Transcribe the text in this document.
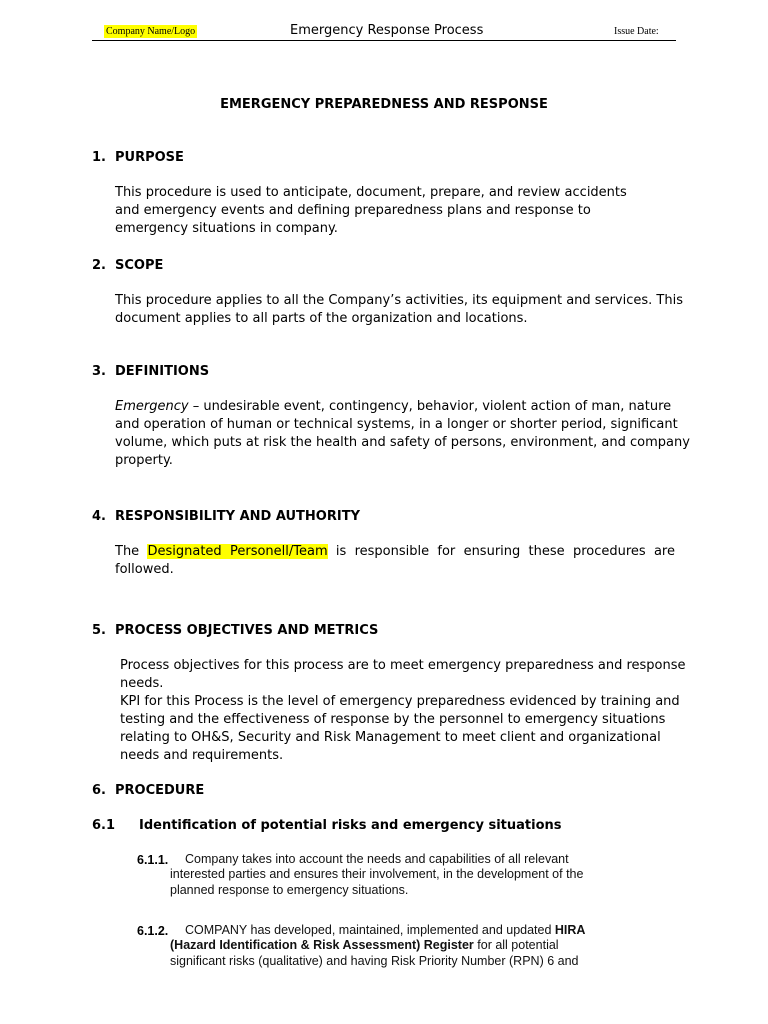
Company Name/Logo	Emergency Response Process	Issue Date:
EMERGENCY PREPAREDNESS AND RESPONSE
1. PURPOSE
This procedure is used to anticipate, document, prepare, and review accidents
and emergency events and defining preparedness plans and response to
emergency situations in company.
2. SCOPE
This procedure applies to all the Company’s activities, its equipment and services. This
document applies to all parts of the organization and locations.
3. DEFINITIONS
Emergency – undesirable event, contingency, behavior, violent action of man, nature
and operation of human or technical systems, in a longer or shorter period, significant
volume, which puts at risk the health and safety of persons, environment, and company
property.
4. RESPONSIBILITY AND AUTHORITY
The Designated Personell/Team is responsible for ensuring these procedures are
followed.
5. PROCESS OBJECTIVES AND METRICS
Process objectives for this process are to meet emergency preparedness and response
needs.
KPI for this Process is the level of emergency preparedness evidenced by training and
testing and the effectiveness of response by the personnel to emergency situations
relating to OH&S, Security and Risk Management to meet client and organizational
needs and requirements.
6. PROCEDURE
6.1 Identification of potential risks and emergency situations
6.1.1. Company takes into account the needs and capabilities of all relevant
interested parties and ensures their involvement, in the development of the
planned response to emergency situations.
6.1.2. COMPANY has developed, maintained, implemented and updated HIRA
(Hazard Identification & Risk Assessment) Register for all potential
significant risks (qualitative) and having Risk Priority Number (RPN) 6 and
